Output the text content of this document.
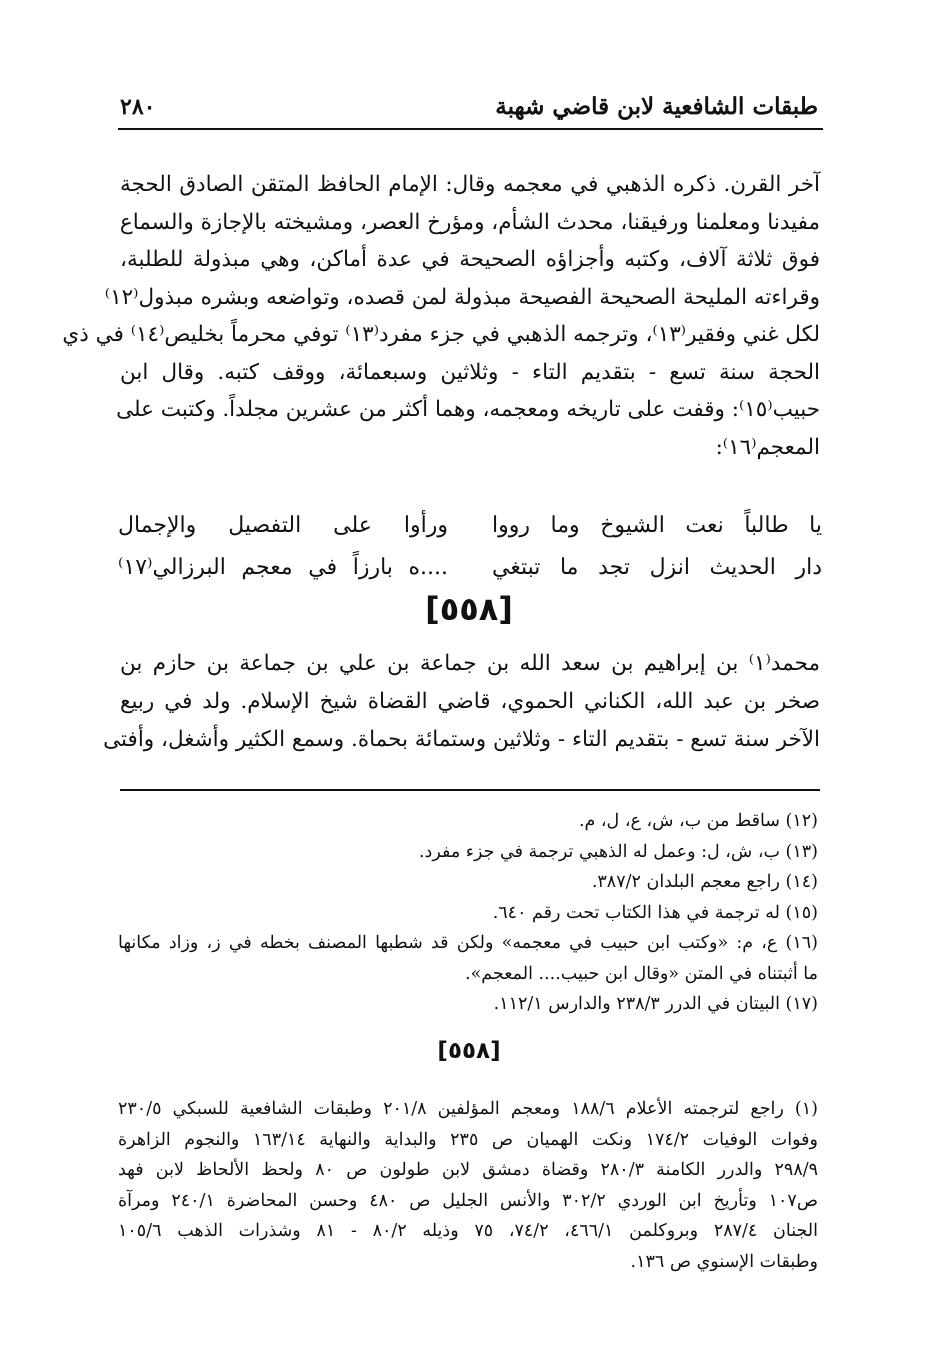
طبقات الشافعية لابن قاضي شهبة
٢٨٠
آخر القرن. ذكره الذهبي في معجمه وقال: الإمام الحافظ المتقن الصادق الحجة
مفيدنا ومعلمنا ورفيقنا، محدث الشأم، ومؤرخ العصر، ومشيخته بالإجازة والسماع
فوق ثلاثة آلاف، وكتبه وأجزاؤه الصحيحة في عدة أماكن، وهي مبذولة للطلبة،
وقراءته المليحة الصحيحة الفصيحة مبذولة لمن قصده، وتواضعه وبشره مبذول⁽١٢⁾
لكل غني وفقير⁽١٣⁾، وترجمه الذهبي في جزء مفرد⁽١٣⁾ توفي محرماً بخليص⁽١٤⁾ في ذي
الحجة سنة تسع - بتقديم التاء - وثلاثين وسبعمائة، ووقف كتبه. وقال ابن
حبيب⁽١٥⁾: وقفت على تاريخه ومعجمه، وهما أكثر من عشرين مجلداً. وكتبت على
المعجم⁽١٦⁾:
يا طالباً نعت الشيوخ وما رووا
ورأوا على التفصيل والإجمال
دار الحديث انزل تجد ما تبتغي
....ه بارزاً في معجم البرزالي⁽١٧⁾
[٥٥٨]
محمد⁽١⁾ بن إبراهيم بن سعد الله بن جماعة بن علي بن جماعة بن حازم بن
صخر بن عبد الله، الكناني الحموي، قاضي القضاة شيخ الإسلام. ولد في ربيع
الآخر سنة تسع - بتقديم التاء - وثلاثين وستمائة بحماة. وسمع الكثير وأشغل، وأفتى
(١٢) ساقط من ب، ش، ع، ل، م.
(١٣) ب، ش، ل: وعمل له الذهبي ترجمة في جزء مفرد.
(١٤) راجع معجم البلدان ٣٨٧/٢.
(١٥) له ترجمة في هذا الكتاب تحت رقم ٦٤٠.
(١٦) ع، م: «وكتب ابن حبيب في معجمه» ولكن قد شطبها المصنف بخطه في ز، وزاد مكانها
ما أثبتناه في المتن «وقال ابن حبيب.... المعجم».
(١٧) البيتان في الدرر ٢٣٨/٣ والدارس ١١٢/١.
[٥٥٨]
(١) راجع لترجمته الأعلام ١٨٨/٦ ومعجم المؤلفين ٢٠١/٨ وطبقات الشافعية للسبكي ٢٣٠/٥
وفوات الوفيات ١٧٤/٢ ونكت الهميان ص ٢٣٥ والبداية والنهاية ١٦٣/١٤ والنجوم الزاهرة
٢٩٨/٩ والدرر الكامنة ٢٨٠/٣ وقضاة دمشق لابن طولون ص ٨٠ ولحظ الألحاظ لابن فهد
ص١٠٧ وتأريخ ابن الوردي ٣٠٢/٢ والأنس الجليل ص ٤٨٠ وحسن المحاضرة ٢٤٠/١ ومرآة
الجنان ٢٨٧/٤ وبروكلمن ٤٦٦/١، ٧٤/٢، ٧٥ وذيله ٨٠/٢ - ٨١ وشذرات الذهب ١٠٥/٦
وطبقات الإسنوي ص ١٣٦.
